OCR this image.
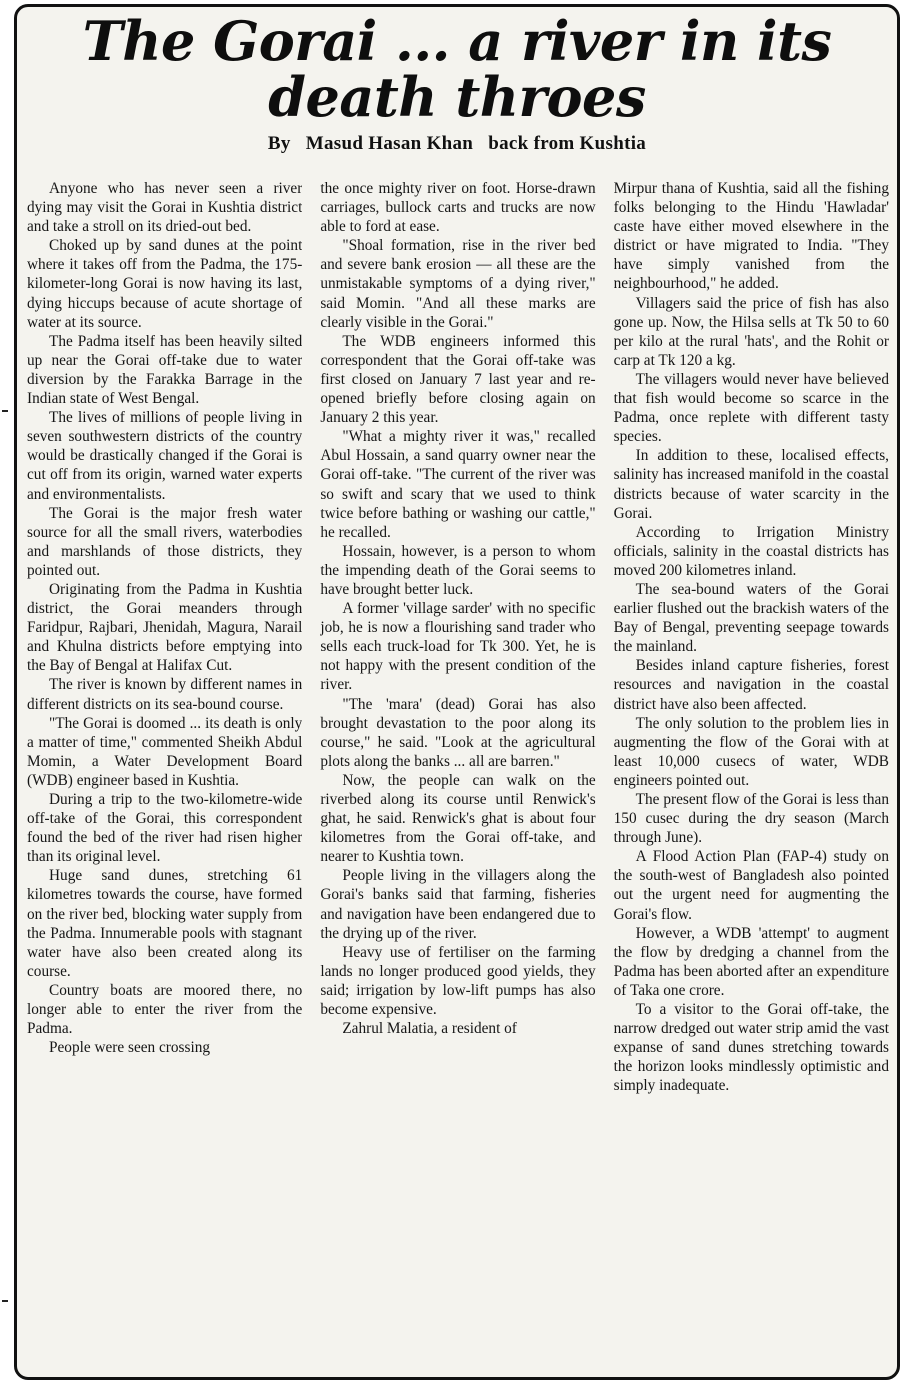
The Gorai ... a river in its
death throes
By Masud Hasan Khan back from Kushtia

Anyone who has never seen a river dying may visit the Gorai in Kushtia district and take a stroll on its dried-out bed.

Choked up by sand dunes at the point where it takes off from the Padma, the 175-kilometer-long Gorai is now having its last, dying hiccups because of acute shortage of water at its source.

The Padma itself has been heavily silted up near the Gorai off-take due to water diversion by the Farakka Barrage in the Indian state of West Bengal.

The lives of millions of people living in seven southwestern districts of the country would be drastically changed if the Gorai is cut off from its origin, warned water experts and environmentalists.

The Gorai is the major fresh water source for all the small rivers, waterbodies and marshlands of those districts, they pointed out.

Originating from the Padma in Kushtia district, the Gorai meanders through Faridpur, Rajbari, Jhenidah, Magura, Narail and Khulna districts before emptying into the Bay of Bengal at Halifax Cut.

The river is known by different names in different districts on its sea-bound course.

"The Gorai is doomed ... its death is only a matter of time," commented Sheikh Abdul Momin, a Water Development Board (WDB) engineer based in Kushtia.

During a trip to the two-kilometre-wide off-take of the Gorai, this correspondent found the bed of the river had risen higher than its original level.

Huge sand dunes, stretching 61 kilometres towards the course, have formed on the river bed, blocking water supply from the Padma. Innumerable pools with stagnant water have also been created along its course.

Country boats are moored there, no longer able to enter the river from the Padma.

People were seen crossing

the once mighty river on foot. Horse-drawn carriages, bullock carts and trucks are now able to ford at ease.

"Shoal formation, rise in the river bed and severe bank erosion — all these are the unmistakable symptoms of a dying river," said Momin. "And all these marks are clearly visible in the Gorai."

The WDB engineers informed this correspondent that the Gorai off-take was first closed on January 7 last year and re-opened briefly before closing again on January 2 this year.

"What a mighty river it was," recalled Abul Hossain, a sand quarry owner near the Gorai off-take. "The current of the river was so swift and scary that we used to think twice before bathing or washing our cattle," he recalled.

Hossain, however, is a person to whom the impending death of the Gorai seems to have brought better luck.

A former 'village sarder' with no specific job, he is now a flourishing sand trader who sells each truck-load for Tk 300. Yet, he is not happy with the present condition of the river.

"The 'mara' (dead) Gorai has also brought devastation to the poor along its course," he said. "Look at the agricultural plots along the banks ... all are barren."

Now, the people can walk on the riverbed along its course until Renwick's ghat, he said. Renwick's ghat is about four kilometres from the Gorai off-take, and nearer to Kushtia town.

People living in the villagers along the Gorai's banks said that farming, fisheries and navigation have been endangered due to the drying up of the river.

Heavy use of fertiliser on the farming lands no longer produced good yields, they said; irrigation by low-lift pumps has also become expensive.

Zahrul Malatia, a resident of

Mirpur thana of Kushtia, said all the fishing folks belonging to the Hindu 'Hawladar' caste have either moved elsewhere in the district or have migrated to India. "They have simply vanished from the neighbourhood," he added.

Villagers said the price of fish has also gone up. Now, the Hilsa sells at Tk 50 to 60 per kilo at the rural 'hats', and the Rohit or carp at Tk 120 a kg.

The villagers would never have believed that fish would become so scarce in the Padma, once replete with different tasty species.

In addition to these, localised effects, salinity has increased manifold in the coastal districts because of water scarcity in the Gorai.

According to Irrigation Ministry officials, salinity in the coastal districts has moved 200 kilometres inland.

The sea-bound waters of the Gorai earlier flushed out the brackish waters of the Bay of Bengal, preventing seepage towards the mainland.

Besides inland capture fisheries, forest resources and navigation in the coastal district have also been affected.

The only solution to the problem lies in augmenting the flow of the Gorai with at least 10,000 cusecs of water, WDB engineers pointed out.

The present flow of the Gorai is less than 150 cusec during the dry season (March through June).

A Flood Action Plan (FAP-4) study on the south-west of Bangladesh also pointed out the urgent need for augmenting the Gorai's flow.

However, a WDB 'attempt' to augment the flow by dredging a channel from the Padma has been aborted after an expenditure of Taka one crore.

To a visitor to the Gorai off-take, the narrow dredged out water strip amid the vast expanse of sand dunes stretching towards the horizon looks mindlessly optimistic and simply inadequate.
